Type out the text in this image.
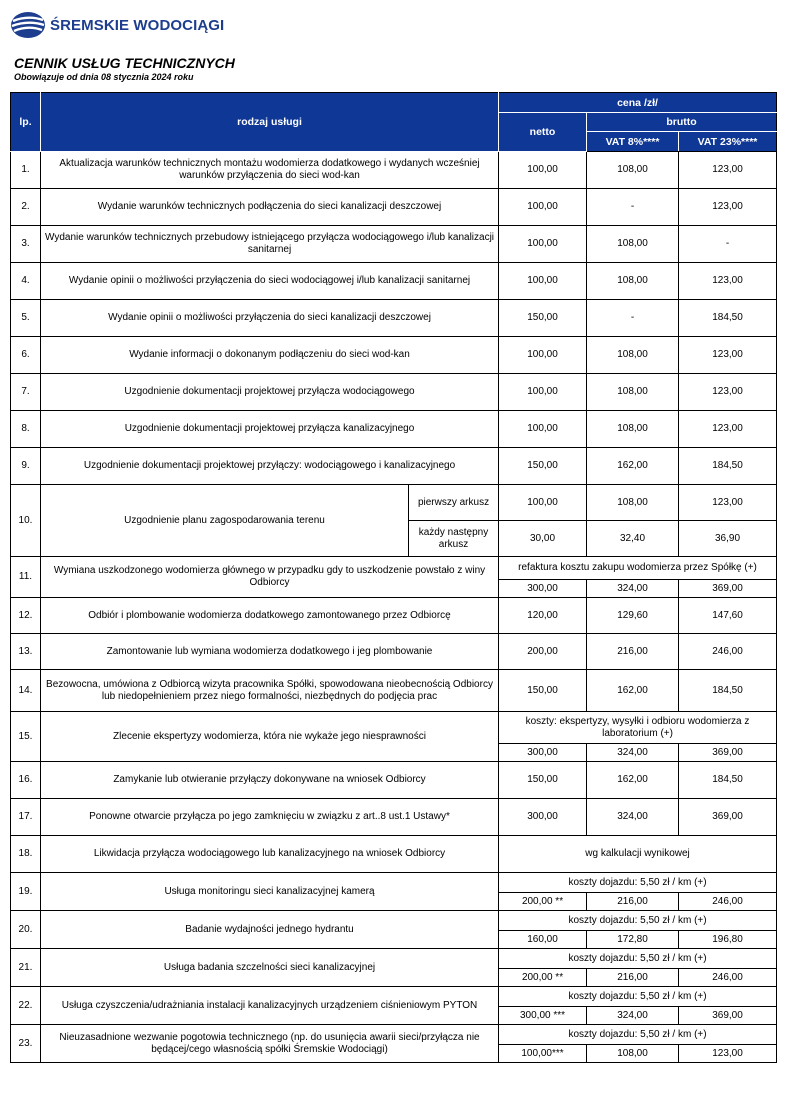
ŚREMSKIE WODOCIĄGI
CENNIK USŁUG TECHNICZNYCH
Obowiązuje od dnia 08 stycznia 2024 roku
lp.	rodzaj usługi		cena /zł/		
			netto	brutto	
				VAT 8%****	VAT 23%****
1.	Aktualizacja warunków technicznych montażu wodomierza dodatkowego i wydanych wcześniej warunków przyłączenia do sieci wod-kan		100,00	108,00	123,00
2.	Wydanie warunków technicznych podłączenia do sieci kanalizacji deszczowej		100,00	-	123,00
3.	Wydanie warunków technicznych przebudowy istniejącego przyłącza wodociągowego i/lub kanalizacji sanitarnej		100,00	108,00	-
4.	Wydanie opinii o możliwości przyłączenia do sieci wodociągowej i/lub kanalizacji sanitarnej		100,00	108,00	123,00
5.	Wydanie opinii o możliwości przyłączenia do sieci kanalizacji deszczowej		150,00	-	184,50
6.	Wydanie informacji o dokonanym podłączeniu do sieci wod-kan		100,00	108,00	123,00
7.	Uzgodnienie dokumentacji projektowej przyłącza wodociągowego		100,00	108,00	123,00
8.	Uzgodnienie dokumentacji projektowej przyłącza kanalizacyjnego		100,00	108,00	123,00
9.	Uzgodnienie dokumentacji projektowej przyłączy: wodociągowego i kanalizacyjnego		150,00	162,00	184,50
10.	Uzgodnienie planu zagospodarowania terenu	pierwszy arkusz	100,00	108,00	123,00
		każdy następny arkusz	30,00	32,40	36,90
11.	Wymiana uszkodzonego wodomierza głównego w przypadku gdy to uszkodzenie powstało z winy Odbiorcy		refaktura kosztu zakupu wodomierza przez Spółkę (+)		
			300,00	324,00	369,00
12.	Odbiór i plombowanie wodomierza dodatkowego zamontowanego przez Odbiorcę		120,00	129,60	147,60
13.	Zamontowanie lub wymiana wodomierza dodatkowego i jeg plombowanie		200,00	216,00	246,00
14.	Bezowocna, umówiona z Odbiorcą wizyta pracownika Spółki, spowodowana nieobecnością Odbiorcy lub niedopełnieniem przez niego formalności, niezbędnych do podjęcia prac		150,00	162,00	184,50
15.	Zlecenie ekspertyzy wodomierza, która nie wykaże jego niesprawności		koszty: ekspertyzy, wysyłki i odbioru wodomierza z laboratorium (+)		
			300,00	324,00	369,00
16.	Zamykanie lub otwieranie przyłączy dokonywane na wniosek Odbiorcy		150,00	162,00	184,50
17.	Ponowne otwarcie przyłącza po jego zamknięciu w związku z art..8 ust.1 Ustawy*		300,00	324,00	369,00
18.	Likwidacja przyłącza wodociągowego lub kanalizacyjnego na wniosek Odbiorcy		wg kalkulacji wynikowej		
19.	Usługa monitoringu sieci kanalizacyjnej kamerą		koszty dojazdu: 5,50 zł / km (+)		
			200,00 **	216,00	246,00
20.	Badanie wydajności jednego hydrantu		koszty dojazdu: 5,50 zł / km (+)		
			160,00	172,80	196,80
21.	Usługa badania szczelności sieci kanalizacyjnej		koszty dojazdu: 5,50 zł / km (+)		
			200,00 **	216,00	246,00
22.	Usługa czyszczenia/udrażniania instalacji kanalizacyjnych urządzeniem ciśnieniowym PYTON		koszty dojazdu: 5,50 zł / km (+)		
			300,00 ***	324,00	369,00
23.	Nieuzasadnione wezwanie pogotowia technicznego (np. do usunięcia awarii sieci/przyłącza nie będącej/cego własnością spółki Śremskie Wodociągi)		koszty dojazdu: 5,50 zł / km (+)		
			100,00***	108,00	123,00
